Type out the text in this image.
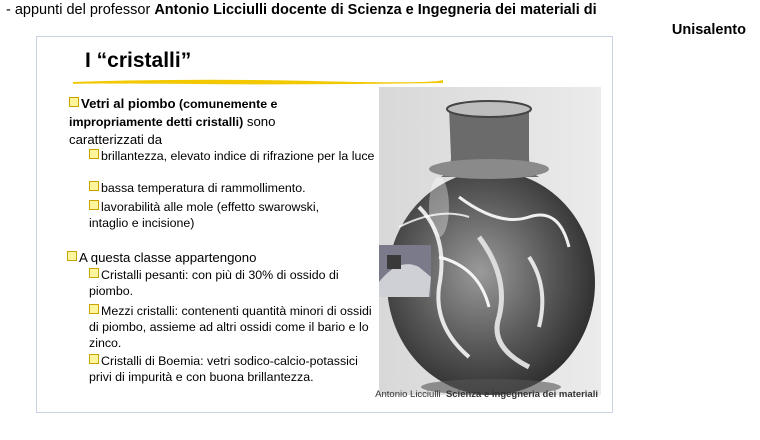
- appunti del professor Antonio Licciulli docente di Scienza e Ingegneria dei materiali di
Unisalento
I “cristalli”
Vetri al piombo (comunemente e impropriamente detti cristalli) sono caratterizzati da
brillantezza, elevato indice di rifrazione per la luce
bassa temperatura di rammollimento.
lavorabilità alle mole (effetto swarowski, intaglio e incisione)
A questa classe appartengono
Cristalli pesanti: con più di 30% di ossido di piombo.
Mezzi cristalli: contenenti quantità minori di ossidi di piombo, assieme ad altri ossidi come il bario e lo zinco.
Cristalli di Boemia: vetri sodico-calcio-potassici privi di impurità e con buona brillantezza.
Antonio Licciulli Scienza e ingegneria dei materiali
